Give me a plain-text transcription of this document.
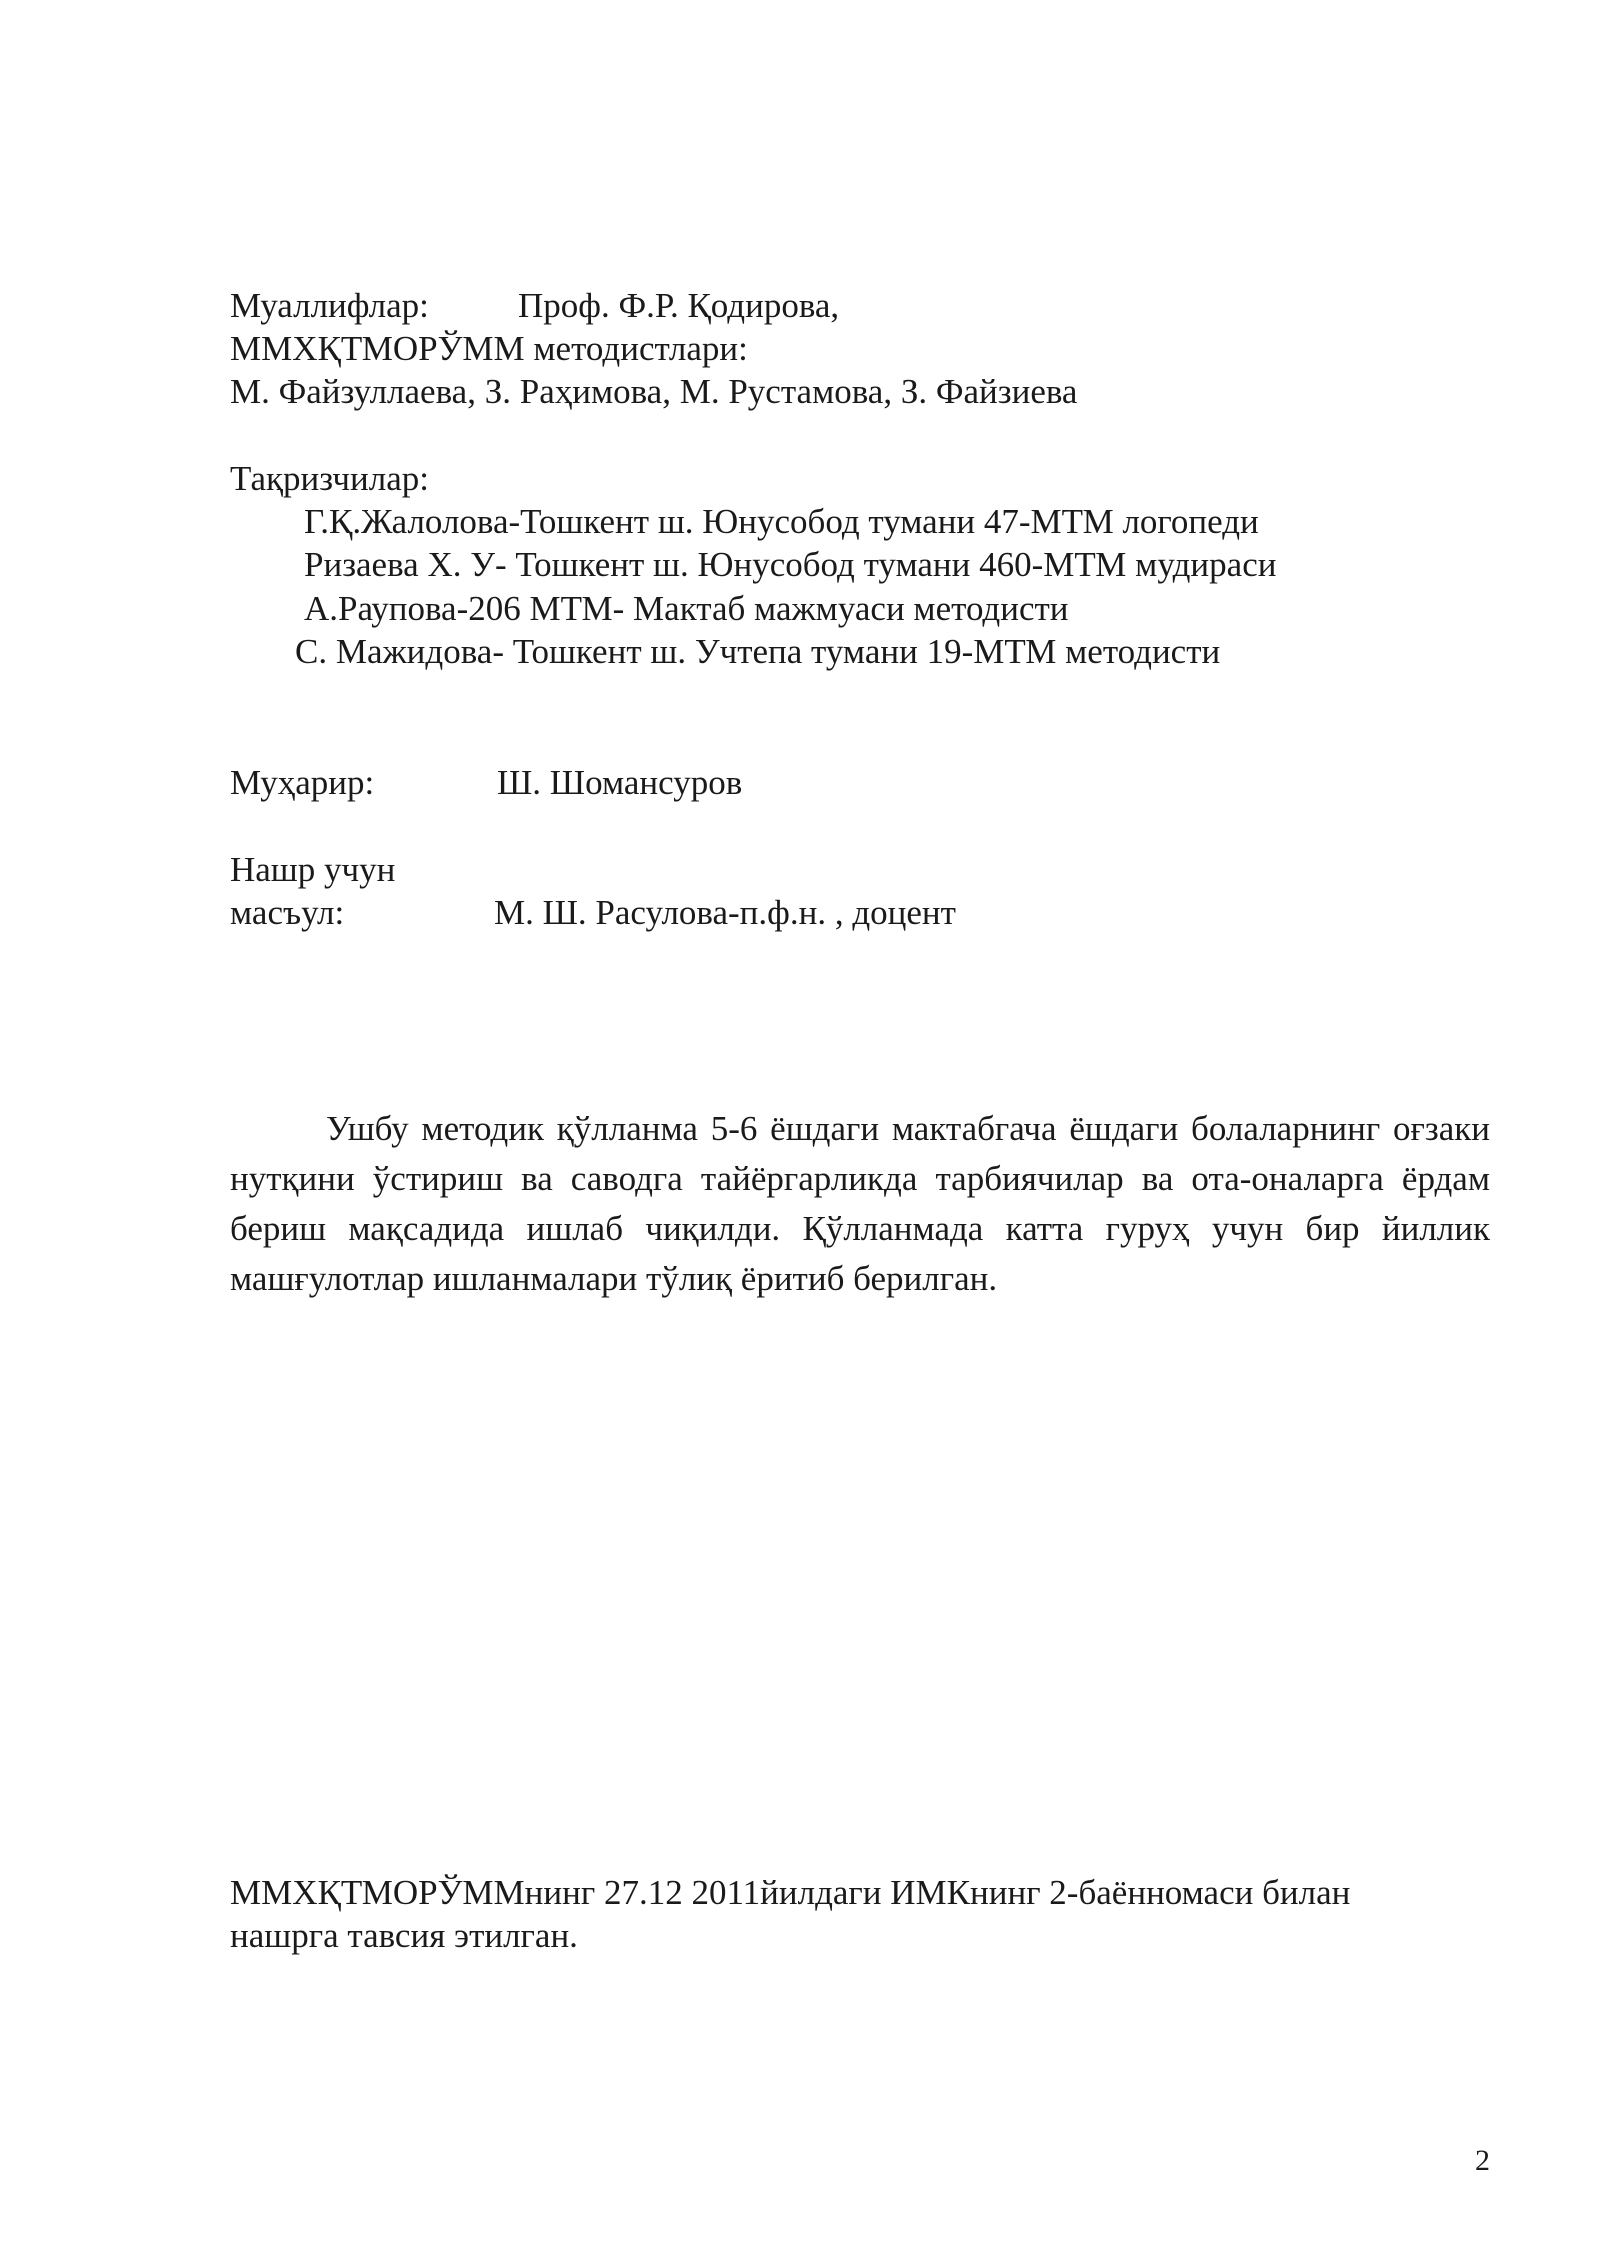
Муаллифлар:	Проф. Ф.Р. Қодирова,
ММХҚТМОРЎММ методистлари:
М. Файзуллаева, З. Раҳимова, М. Рустамова, З. Файзиева
Тақризчилар:
Г.Қ.Жалолова-Тошкент ш. Юнусобод тумани 47-МТМ логопеди
Ризаева Х. У- Тошкент ш. Юнусобод тумани 460-МТМ мудираси
А.Раупова-206 МТМ- Мактаб мажмуаси методисти
С. Мажидова- Тошкент ш. Учтепа тумани 19-МТМ методисти
Муҳарир:	Ш. Шомансуров
Нашр учун
масъул:	М. Ш. Расулова-п.ф.н. , доцент
Ушбу методик қўлланма 5-6 ёшдаги мактабгача ёшдаги болаларнинг оғзаки нутқини ўстириш ва саводга тайёргарликда тарбиячилар ва ота-оналарга ёрдам бериш мақсадида ишлаб чиқилди. Қўлланмада катта гуруҳ учун бир йиллик машғулотлар ишланмалари тўлиқ ёритиб берилган.
ММХҚТМОРЎММнинг 27.12 2011йилдаги ИМКнинг 2-баённомаси билан
нашрга тавсия этилган.
2
